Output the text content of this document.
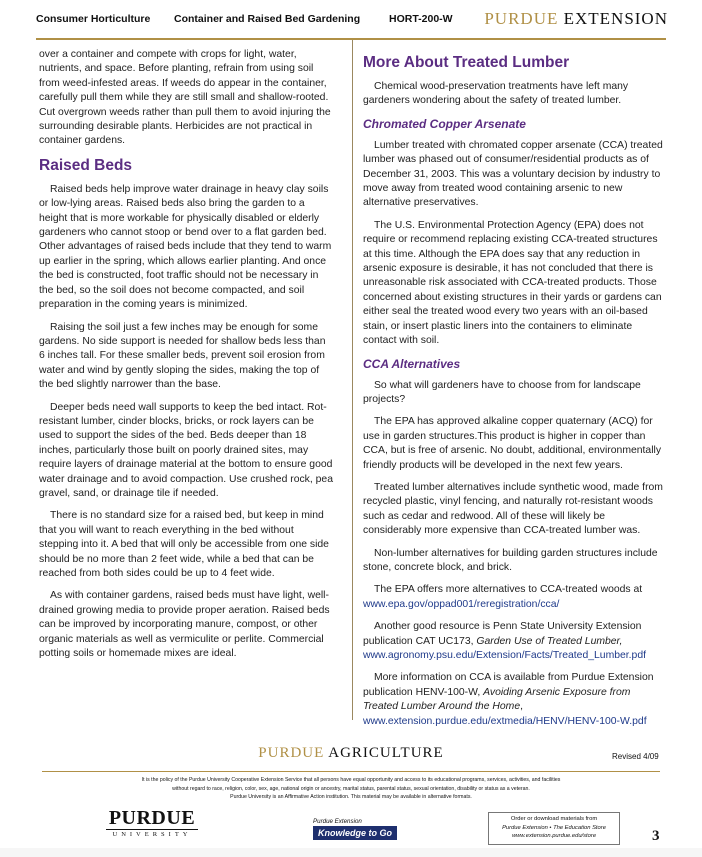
Consumer Horticulture Container and Raised Bed Gardening	HORT-200-W PURDUE EXTENSION

over a container and compete with crops for light, water, nutrients, and space. Before planting, refrain from using soil from weed-infested areas. If weeds do appear in the container, carefully pull them while they are still small and shallow-rooted. Cut overgrown weeds rather than pull them to avoid injuring the surrounding desirable plants. Herbicides are not practical in container gardens.

Raised Beds

Raised beds help improve water drainage in heavy clay soils or low-lying areas. Raised beds also bring the garden to a height that is more workable for physically disabled or elderly gardeners who cannot stoop or bend over to a flat garden bed. Other advantages of raised beds include that they tend to warm up earlier in the spring, which allows earlier planting. And once the bed is constructed, foot traffic should not be necessary in the bed, so the soil does not become compacted, and soil preparation in the coming years is minimized.

Raising the soil just a few inches may be enough for some gardens. No side support is needed for shallow beds less than 6 inches tall. For these smaller beds, prevent soil erosion from water and wind by gently sloping the sides, making the top of the bed slightly narrower than the base.

Deeper beds need wall supports to keep the bed intact. Rot-resistant lumber, cinder blocks, bricks, or rock layers can be used to support the sides of the bed. Beds deeper than 18 inches, particularly those built on poorly drained sites, may require layers of drainage material at the bottom to ensure good water drainage and to avoid compaction. Use crushed rock, pea gravel, sand, or drainage tile if needed.

There is no standard size for a raised bed, but keep in mind that you will want to reach everything in the bed without stepping into it. A bed that will only be accessible from one side should be no more than 2 feet wide, while a bed that can be reached from both sides could be up to 4 feet wide.

As with container gardens, raised beds must have light, well-drained growing media to provide proper aeration. Raised beds can be improved by incorporating manure, compost, or other organic materials as well as vermiculite or perlite. Commercial potting soils or homemade mixes are ideal.

More About Treated Lumber

Chemical wood-preservation treatments have left many gardeners wondering about the safety of treated lumber.

Chromated Copper Arsenate

Lumber treated with chromated copper arsenate (CCA) treated lumber was phased out of consumer/residential products as of December 31, 2003. This was a voluntary decision by industry to move away from treated wood containing arsenic to new alternative preservatives.

The U.S. Environmental Protection Agency (EPA) does not require or recommend replacing existing CCA-treated structures at this time. Although the EPA does say that any reduction in arsenic exposure is desirable, it has not concluded that there is unreasonable risk associated with CCA-treated products. Those concerned about existing structures in their yards or gardens can either seal the treated wood every two years with an oil-based stain, or insert plastic liners into the containers to eliminate contact with soil.

CCA Alternatives

So what will gardeners have to choose from for landscape projects?

The EPA has approved alkaline copper quaternary (ACQ) for use in garden structures.This product is higher in copper than CCA, but is free of arsenic. No doubt, additional, environmentally friendly products will be developed in the next few years.

Treated lumber alternatives include synthetic wood, made from recycled plastic, vinyl fencing, and naturally rot-resistant woods such as cedar and redwood. All of these will likely be considerably more expensive than CCA-treated lumber was.

Non-lumber alternatives for building garden structures include stone, concrete block, and brick.

The EPA offers more alternatives to CCA-treated woods at
www.epa.gov/oppad001/reregistration/cca/

Another good resource is Penn State University Extension publication CAT UC173, Garden Use of Treated Lumber, www.agronomy.psu.edu/Extension/Facts/Treated_Lumber.pdf

More information on CCA is available from Purdue Extension publication HENV-100-W, Avoiding Arsenic Exposure from Treated Lumber Around the Home, www.extension.purdue.edu/extmedia/HENV/HENV-100-W.pdf

PURDUE AGRICULTURE	Revised 4/09
It is the policy of the Purdue University Cooperative Extension Service that all persons have equal opportunity and access to its educational programs, services, activities, and facilities
without regard to race, religion, color, sex, age, national origin or ancestry, marital status, parental status, sexual orientation, disability or status as a veteran.
Purdue University is an Affirmative Action institution. This material may be available in alternative formats.
PURDUE
UNIVERSITY
Purdue Extension
Knowledge to Go
Order or download materials from
Purdue Extension • The Education Store
www.extension.purdue.edu/store	3
